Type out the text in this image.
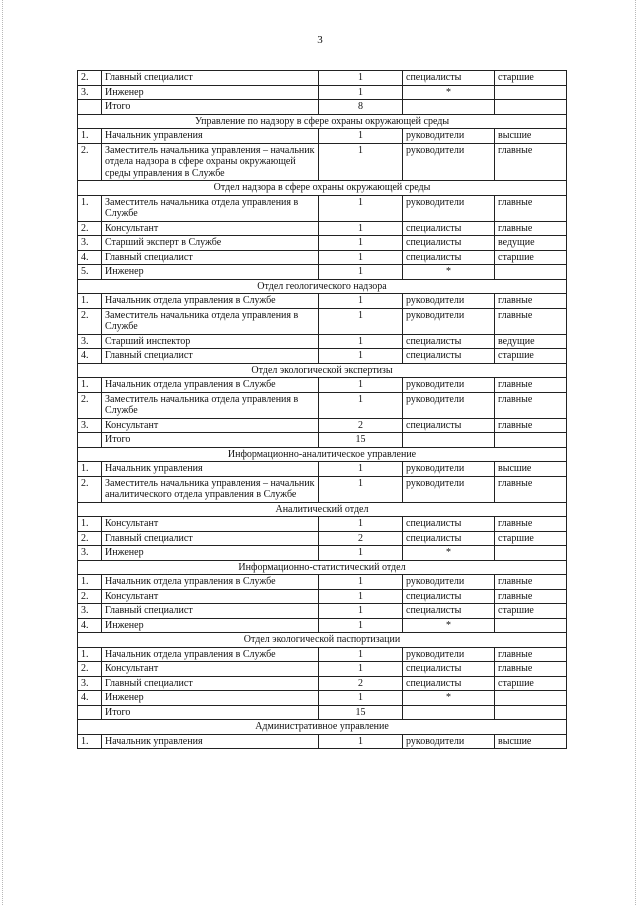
3
2.	Главный специалист	1	специалисты	старшие
3.	Инженер	1	*	
	Итого	8		
Управление по надзору в сфере охраны окружающей среды				
1.	Начальник управления	1	руководители	высшие
2.	Заместитель начальника управления – начальник отдела надзора в сфере охраны окружающей среды управления в Службе	1	руководители	главные
Отдел надзора в сфере охраны окружающей среды				
1.	Заместитель начальника отдела управления в Службе	1	руководители	главные
2.	Консультант	1	специалисты	главные
3.	Старший эксперт в Службе	1	специалисты	ведущие
4.	Главный специалист	1	специалисты	старшие
5.	Инженер	1	*	
Отдел геологического надзора				
1.	Начальник отдела управления в Службе	1	руководители	главные
2.	Заместитель начальника отдела управления в Службе	1	руководители	главные
3.	Старший инспектор	1	специалисты	ведущие
4.	Главный специалист	1	специалисты	старшие
Отдел экологической экспертизы				
1.	Начальник отдела управления в Службе	1	руководители	главные
2.	Заместитель начальника отдела управления в Службе	1	руководители	главные
3.	Консультант	2	специалисты	главные
	Итого	15		
Информационно-аналитическое управление				
1.	Начальник управления	1	руководители	высшие
2.	Заместитель начальника управления – начальник аналитического отдела управления в Службе	1	руководители	главные
Аналитический отдел				
1.	Консультант	1	специалисты	главные
2.	Главный специалист	2	специалисты	старшие
3.	Инженер	1	*	
Информационно-статистический отдел				
1.	Начальник отдела управления в Службе	1	руководители	главные
2.	Консультант	1	специалисты	главные
3.	Главный специалист	1	специалисты	старшие
4.	Инженер	1	*	
Отдел экологической паспортизации				
1.	Начальник отдела управления в Службе	1	руководители	главные
2.	Консультант	1	специалисты	главные
3.	Главный специалист	2	специалисты	старшие
4.	Инженер	1	*	
	Итого	15		
Административное управление				
1.	Начальник управления	1	руководители	высшие
